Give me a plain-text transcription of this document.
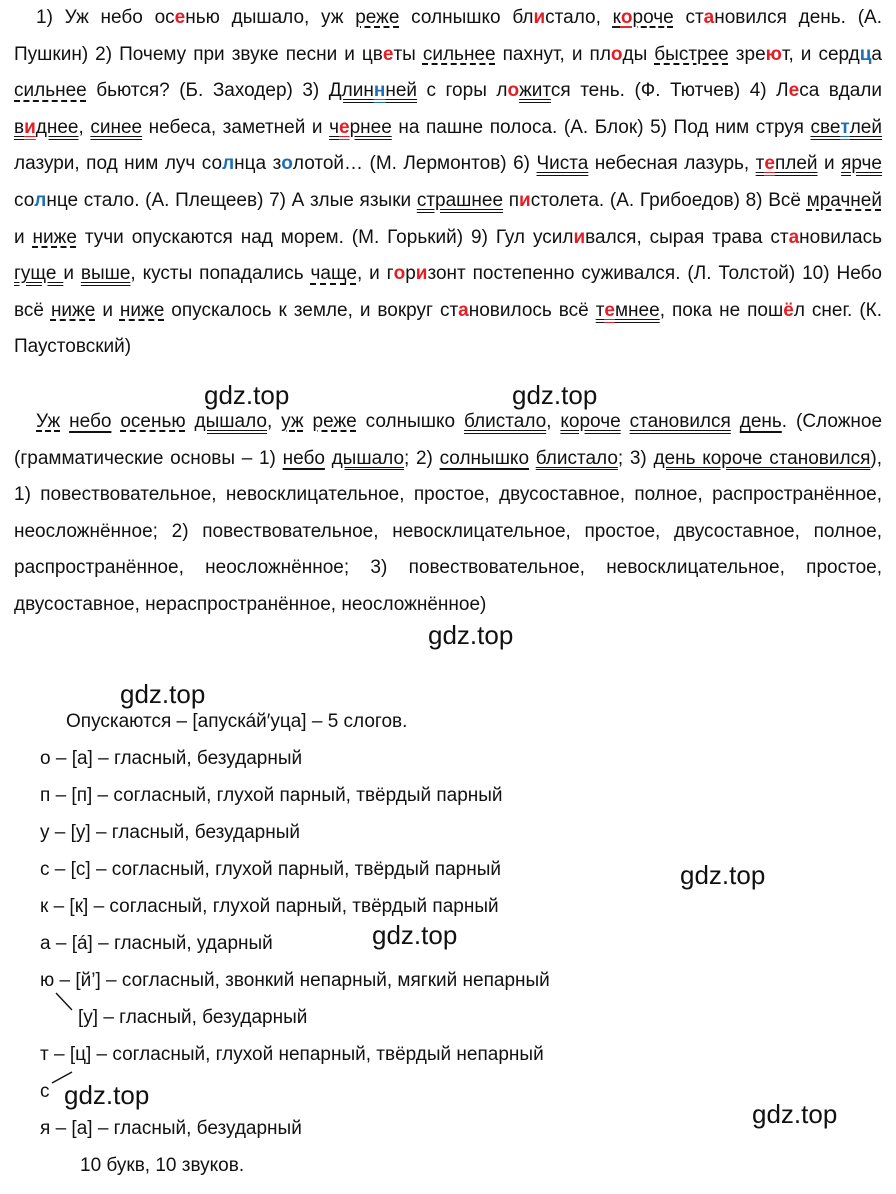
1) Уж небо осенью дышало, уж реже солнышко блистало, короче становился день. (А. Пушкин) 2) Почему при звуке песни и цветы сильнее пахнут, и плоды быстрее зреют, и сердца сильнее бьются? (Б. Заходер) 3) Длиннней с горы ложится тень. (Ф. Тютчев) 4) Леса вдали виднее, синее небеса, заметней и чернее на пашне полоса. (А. Блок) 5) Под ним струя светлей лазури, под ним луч солнца золотой… (М. Лермонтов) 6) Чиста небесная лазурь, теплей и ярче солнце стало. (А. Плещеев) 7) А злые языки страшнее пистолета. (А. Грибоедов) 8) Всё мрачней и ниже тучи опускаются над морем. (М. Горький) 9) Гул усиливался, сырая трава становилась гуще и выше, кусты попадались чаще, и горизонт постепенно суживался. (Л. Толстой) 10) Небо всё ниже и ниже опускалось к земле, и вокруг становилось всё темнее, пока не пошёл снег. (К. Паустовский)

Уж небо осенью дышало, уж реже солнышко блистало, короче становился день. (Сложное (грамматические основы – 1) небо дышало; 2) солнышко блистало; 3) день короче становился), 1) повествовательное, невосклицательное, простое, двусоставное, полное, распространённое, неосложнённое; 2) повествовательное, невосклицательное, простое, двусоставное, полное, распространённое, неосложнённое; 3) повествовательное, невосклицательное, простое, двусоставное, нераспространённое, неосложнённое)

Опускаются – [апускáй′уца] – 5 слогов.
о – [а] – гласный, безударный
п – [п] – согласный, глухой парный, твёрдый парный
у – [у] – гласный, безударный
с – [с] – согласный, глухой парный, твёрдый парный
к – [к] – согласный, глухой парный, твёрдый парный
а – [á] – гласный, ударный
ю – [й’] – согласный, звонкий непарный, мягкий непарный
[у] – гласный, безударный
т – [ц] – согласный, глухой непарный, твёрдый непарный
с
я – [а] – гласный, безударный
10 букв, 10 звуков.
gdz.top	gdz.top
gdz.top
gdz.top
gdz.top
gdz.top
gdz.top
gdz.top
